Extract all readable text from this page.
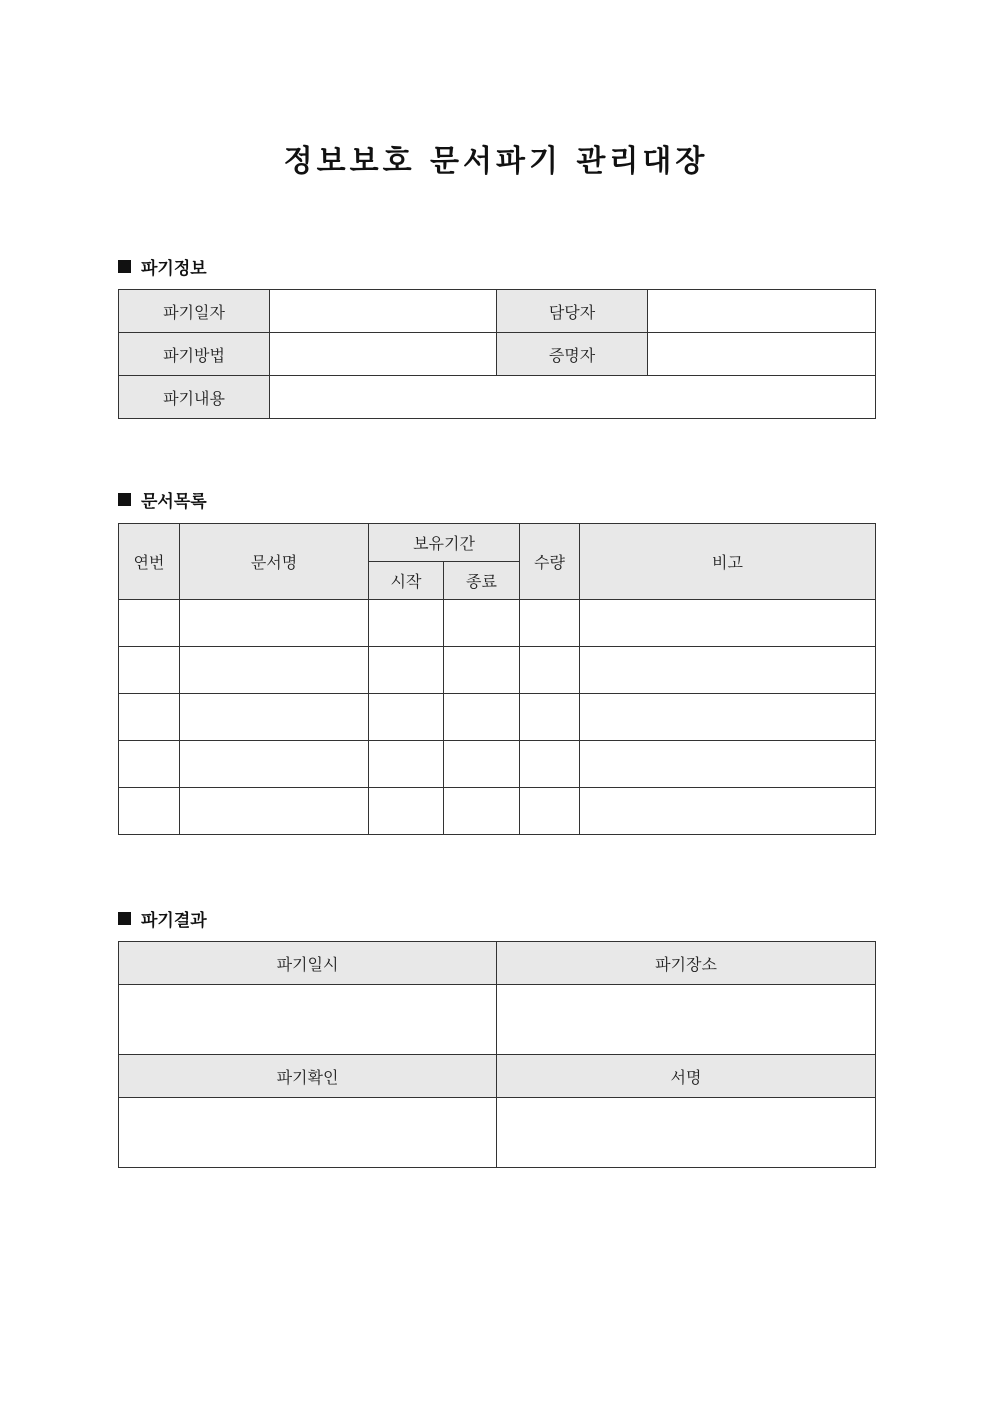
정보보호 문서파기 관리대장
파기정보
파기일자		담당자	
파기방법		증명자	
파기내용			
문서목록
연번	문서명	보유기간		수량	비고
		시작	종료		

파기결과
파기일시	파기장소

파기확인	서명
